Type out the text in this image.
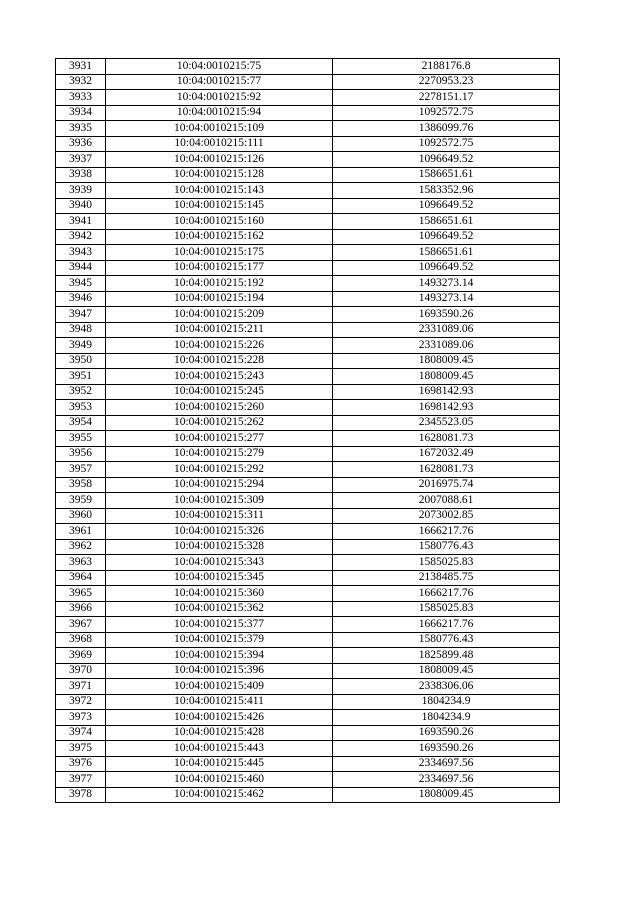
3931	10:04:0010215:75	2188176.8
3932	10:04:0010215:77	2270953.23
3933	10:04:0010215:92	2278151.17
3934	10:04:0010215:94	1092572.75
3935	10:04:0010215:109	1386099.76
3936	10:04:0010215:111	1092572.75
3937	10:04:0010215:126	1096649.52
3938	10:04:0010215:128	1586651.61
3939	10:04:0010215:143	1583352.96
3940	10:04:0010215:145	1096649.52
3941	10:04:0010215:160	1586651.61
3942	10:04:0010215:162	1096649.52
3943	10:04:0010215:175	1586651.61
3944	10:04:0010215:177	1096649.52
3945	10:04:0010215:192	1493273.14
3946	10:04:0010215:194	1493273.14
3947	10:04:0010215:209	1693590.26
3948	10:04:0010215:211	2331089.06
3949	10:04:0010215:226	2331089.06
3950	10:04:0010215:228	1808009.45
3951	10:04:0010215:243	1808009.45
3952	10:04:0010215:245	1698142.93
3953	10:04:0010215:260	1698142.93
3954	10:04:0010215:262	2345523.05
3955	10:04:0010215:277	1628081.73
3956	10:04:0010215:279	1672032.49
3957	10:04:0010215:292	1628081.73
3958	10:04:0010215:294	2016975.74
3959	10:04:0010215:309	2007088.61
3960	10:04:0010215:311	2073002.85
3961	10:04:0010215:326	1666217.76
3962	10:04:0010215:328	1580776.43
3963	10:04:0010215:343	1585025.83
3964	10:04:0010215:345	2138485.75
3965	10:04:0010215:360	1666217.76
3966	10:04:0010215:362	1585025.83
3967	10:04:0010215:377	1666217.76
3968	10:04:0010215:379	1580776.43
3969	10:04:0010215:394	1825899.48
3970	10:04:0010215:396	1808009.45
3971	10:04:0010215:409	2338306.06
3972	10:04:0010215:411	1804234.9
3973	10:04:0010215:426	1804234.9
3974	10:04:0010215:428	1693590.26
3975	10:04:0010215:443	1693590.26
3976	10:04:0010215:445	2334697.56
3977	10:04:0010215:460	2334697.56
3978	10:04:0010215:462	1808009.45
